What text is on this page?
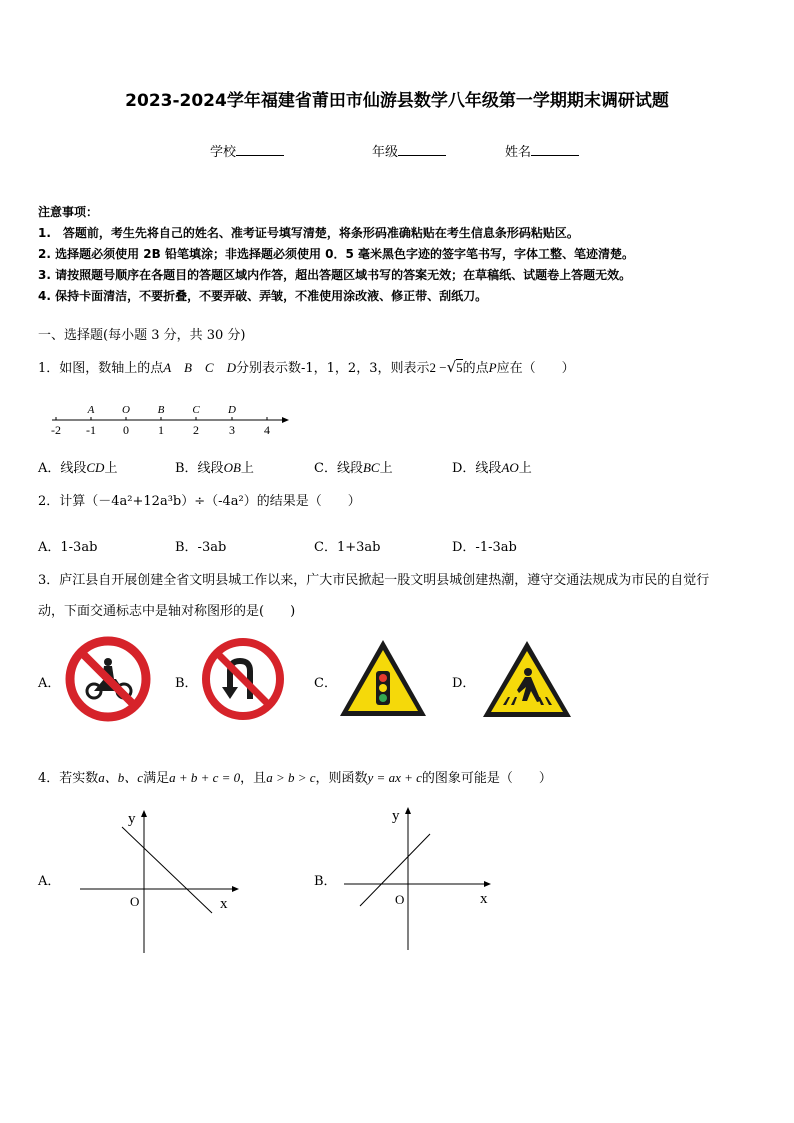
2023-2024学年福建省莆田市仙游县数学八年级第一学期期末调研试题
学校	年级	姓名
注意事项：
1.　答题前，考生先将自己的姓名、准考证号填写清楚，将条形码准确粘贴在考生信息条形码粘贴区。
2. 选择题必须使用 2B 铅笔填涂；非选择题必须使用 0．5 毫米黑色字迹的签字笔书写，字体工整、笔迹清楚。
3. 请按照题号顺序在各题目的答题区域内作答，超出答题区域书写的答案无效；在草稿纸、试题卷上答题无效。
4. 保持卡面清洁，不要折叠，不要弄破、弄皱，不准使用涂改液、修正带、刮纸刀。
一、选择题(每小题 3 分，共 30 分)
1．如图，数轴上的点A　B　C　D分别表示数-1，1，2，3，则表示2 −√5的点P应在（　　）
A	O	B	C	D
-2 -1 0 1 2	3 4
A．线段CD上	B．线段OB上	C．线段BC上	D．线段AO上
2．计算（－4a²+12a³b）÷（-4a²）的结果是（　　）
A．1-3ab	B．-3ab	C．1+3ab	D．-1-3ab
3．庐江县自开展创建全省文明县城工作以来，广大市民掀起一股文明县城创建热潮，遵守交通法规成为市民的自觉行
动，下面交通标志中是轴对称图形的是(　　)
A．	B．	C．	D．
4．若实数a、b、c满足a + b + c = 0，且a > b > c，则函数y = ax + c的图象可能是（　　）
A．	B．
y
x
O
y
x
O
